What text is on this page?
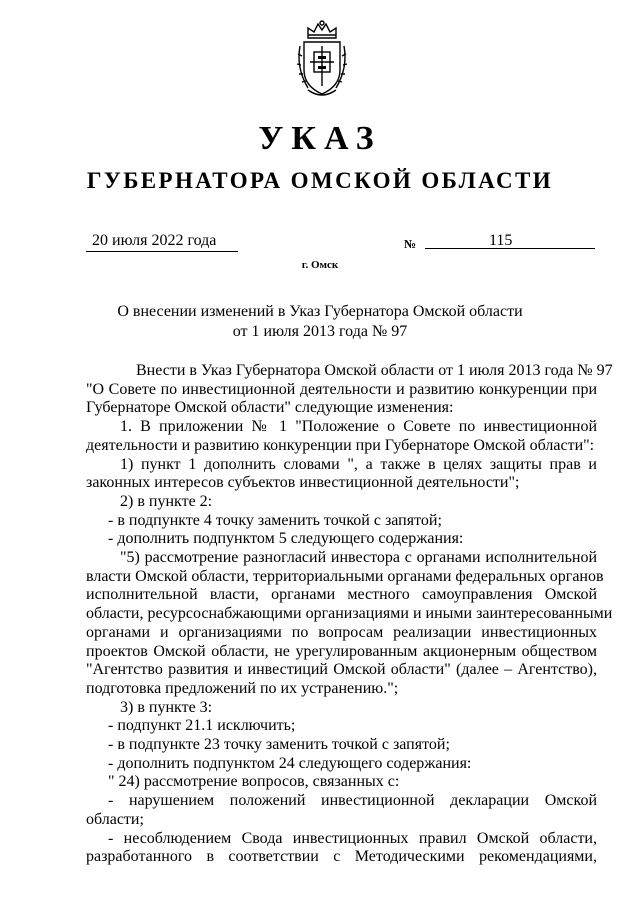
УКАЗ
ГУБЕРНАТОРА ОМСКОЙ ОБЛАСТИ
20 июля 2022 года	№	115
г. Омск
О внесении изменений в Указ Губернатора Омской области
от 1 июля 2013 года № 97
Внести в Указ Губернатора Омской области от 1 июля 2013 года № 97
"О Совете по инвестиционной деятельности и развитию конкуренции при
Губернаторе Омской области" следующие изменения:
1. В приложении № 1 "Положение о Совете по инвестиционной
деятельности и развитию конкуренции при Губернаторе Омской области":
1) пункт 1 дополнить словами ", а также в целях защиты прав и
законных интересов субъектов инвестиционной деятельности";
2) в пункте 2:
- в подпункте 4 точку заменить точкой с запятой;
- дополнить подпунктом 5 следующего содержания:
"5) рассмотрение разногласий инвестора с органами исполнительной
власти Омской области, территориальными органами федеральных органов
исполнительной власти, органами местного самоуправления Омской
области, ресурсоснабжающими организациями и иными заинтересованными
органами и организациями по вопросам реализации инвестиционных
проектов Омской области, не урегулированным акционерным обществом
"Агентство развития и инвестиций Омской области" (далее – Агентство),
подготовка предложений по их устранению.";
3) в пункте 3:
- подпункт 21.1 исключить;
- в подпункте 23 точку заменить точкой с запятой;
- дополнить подпунктом 24 следующего содержания:
" 24) рассмотрение вопросов, связанных с:
- нарушением положений инвестиционной декларации Омской
области;
- несоблюдением Свода инвестиционных правил Омской области,
разработанного в соответствии с Методическими рекомендациями,
